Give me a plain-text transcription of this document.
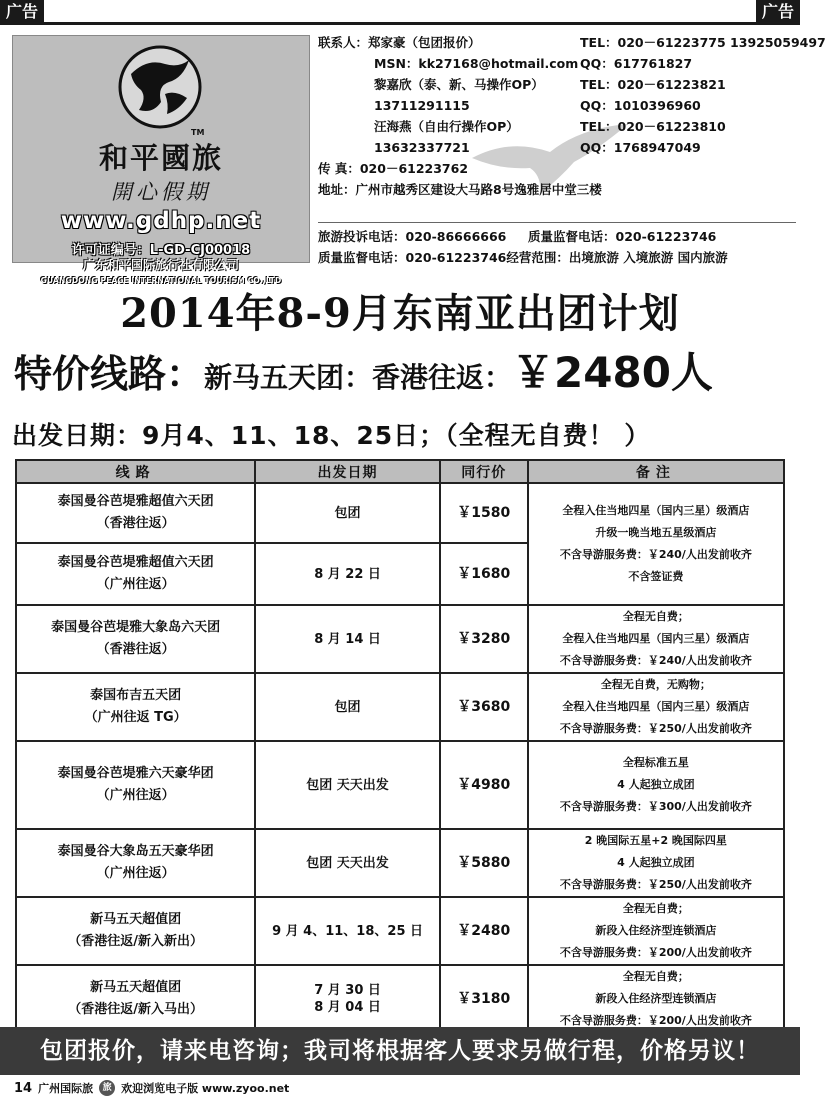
广告	广告
TM
和平國旅
開心假期
www.gdhp.net
许可证编号：L-GD-CJ00018
广东和平国际旅行社有限公司
GUANGDONG PEACE INTERNATIONAL TOURISM CO.,LTD
联系人：郑家豪（包团报价）	TEL：020－61223775 13925059497
MSN：kk27168@hotmail.com QQ：617761827
黎嘉欣（泰、新、马操作OP）	TEL：020－61223821
13711291115	QQ：1010396960
汪海燕（自由行操作OP）	TEL：020－61223810
13632337721	QQ：1768947049
传 真：020－61223762
地址：广州市越秀区建设大马路8号逸雅居中堂三楼
旅游投诉电话：020-86666666 质量监督电话：020-61223746
质量监督电话：020-61223746经营范围：出境旅游 入境旅游 国内旅游
2014年8-9月东南亚出团计划
特价线路：新马五天团：香港往返：￥2480人
出发日期：9月4、11、18、25日；（全程无自费！ ）
线路	出发日期	同行价	备注

泰国曼谷芭堤雅超值六天团
（香港往返）	包团	￥1580	全程入住当地四星（国内三星）级酒店
升级一晚当地五星级酒店
不含导游服务费：￥240/人出发前收齐
不含签证费

泰国曼谷芭堤雅超值六天团
（广州往返）	8 月 22 日	￥1680	

泰国曼谷芭堤雅大象岛六天团
（香港往返）	8 月 14 日	￥3280	全程无自费；
全程入住当地四星（国内三星）级酒店
不含导游服务费：￥240/人出发前收齐

泰国布吉五天团
（广州往返 TG）	包团	￥3680	全程无自费，无购物；
全程入住当地四星（国内三星）级酒店
不含导游服务费：￥250/人出发前收齐

泰国曼谷芭堤雅六天豪华团
（广州往返）	包团 天天出发	￥4980	全程标准五星
4 人起独立成团
不含导游服务费：￥300/人出发前收齐

泰国曼谷大象岛五天豪华团
（广州往返）	包团 天天出发	￥5880	2 晚国际五星+2 晚国际四星
4 人起独立成团
不含导游服务费：￥250/人出发前收齐

新马五天超值团
（香港往返/新入新出）	9 月 4、11、18、25 日	￥2480	全程无自费；
新段入住经济型连锁酒店
不含导游服务费：￥200/人出发前收齐

新马五天超值团
（香港往返/新入马出）	7 月 30 日
8 月 04 日	￥3180	全程无自费；
新段入住经济型连锁酒店
不含导游服务费：￥200/人出发前收齐
包团报价，请来电咨询；我司将根据客人要求另做行程，价格另议！
14 广州国际旅	旅 欢迎浏览电子版 www.zyoo.net
